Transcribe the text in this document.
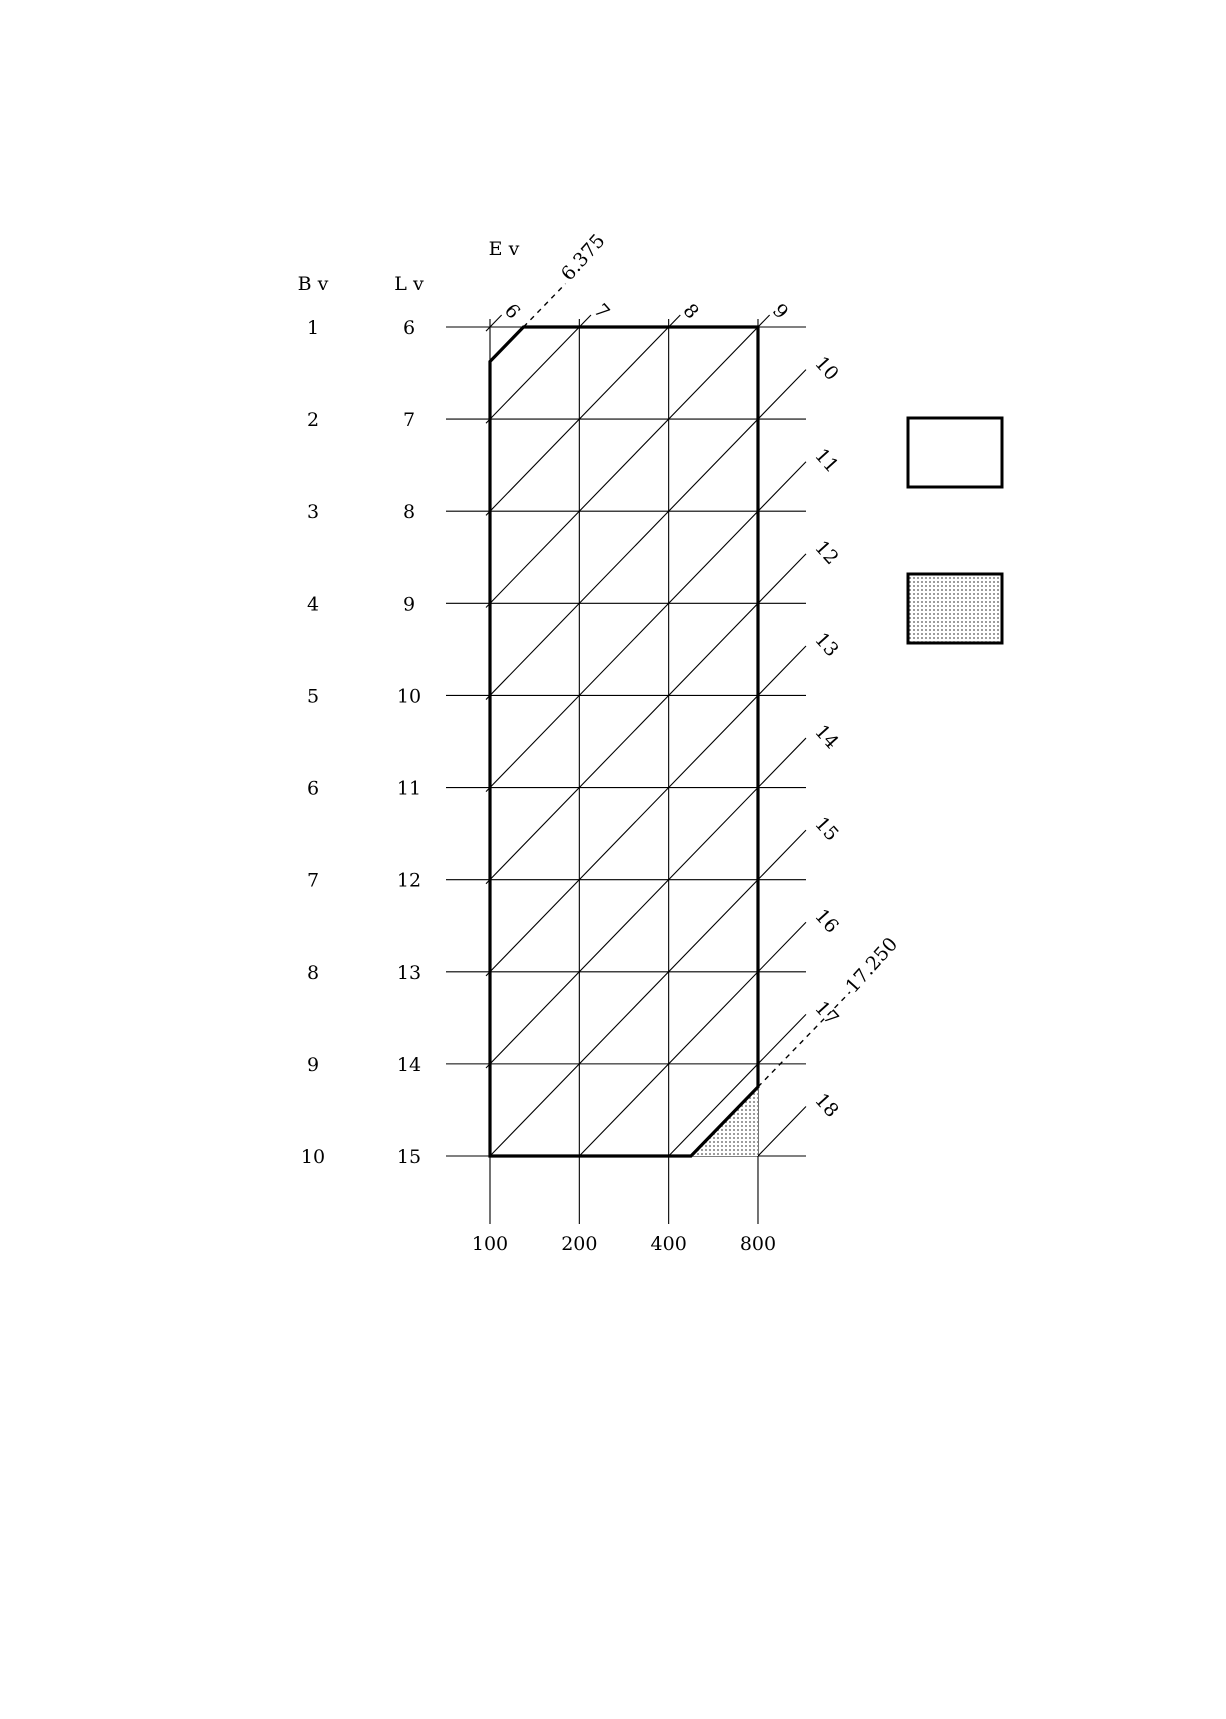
B v	L v
E v
1	6
2	7
3	8
4	9
5	10
6	11
7	12
8	13
9	14
10	15
100	200	400	800
6	7	8	9
10
11
12
13
14
15
16
17
18
6.375
17.250
